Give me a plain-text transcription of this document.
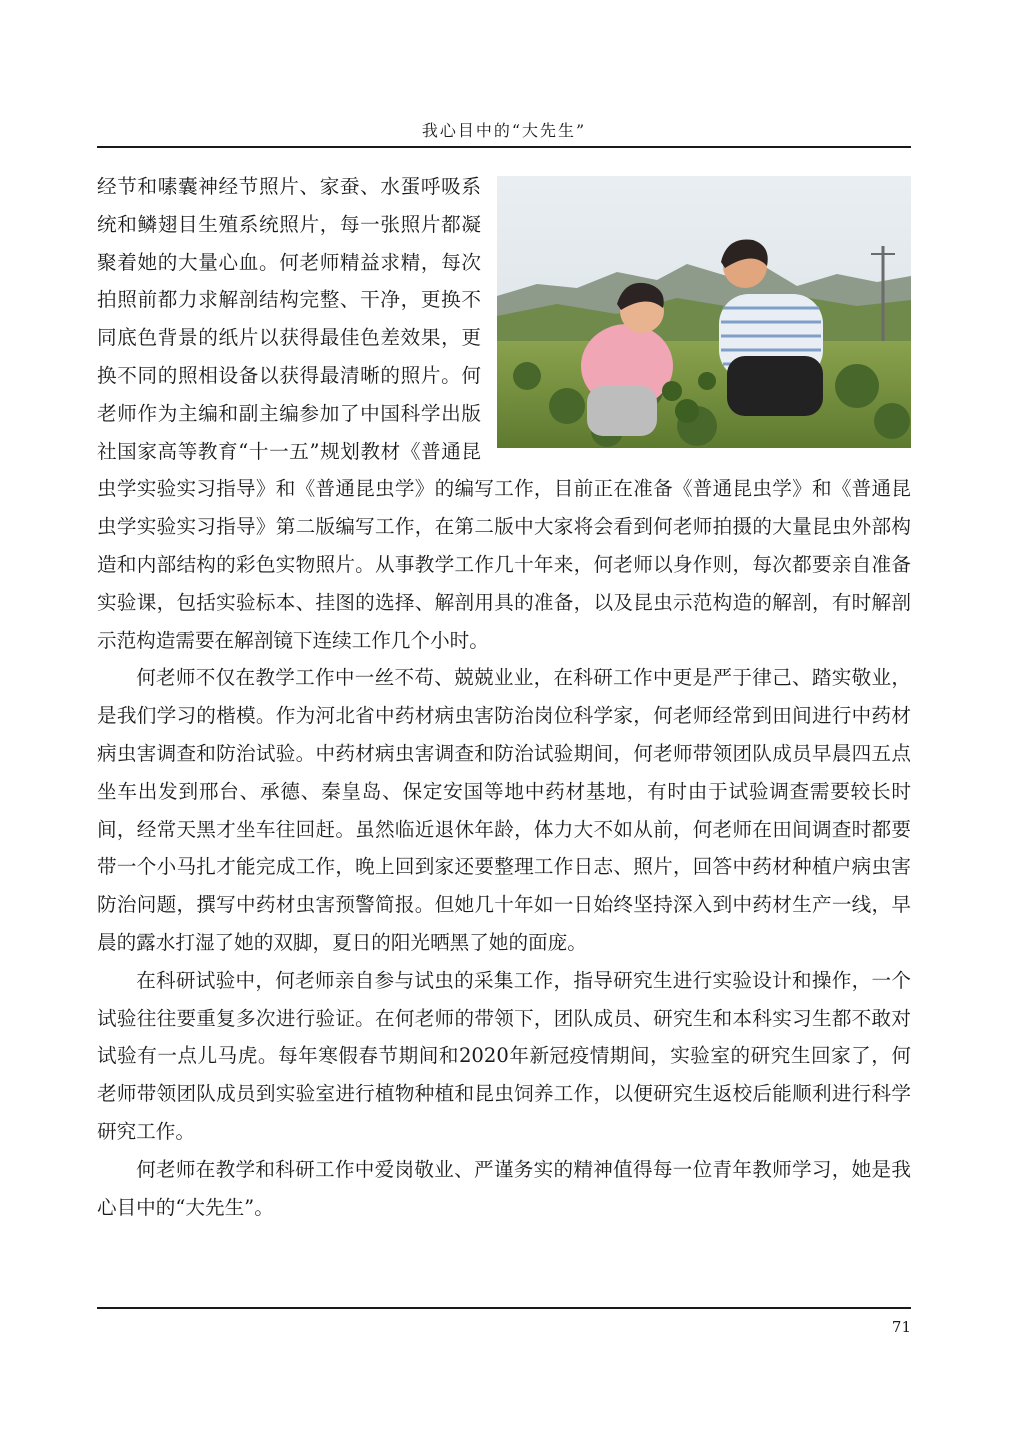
我心目中的“大先生”

经节和嗉囊神经节照片、家蚕、水蛋呼吸系统和鳞翅目生殖系统照片，每一张照片都凝聚着她的大量心血。何老师精益求精，每次拍照前都力求解剖结构完整、干净，更换不同底色背景的纸片以获得最佳色差效果，更换不同的照相设备以获得最清晰的照片。何老师作为主编和副主编参加了中国科学出版社国家高等教育“十一五”规划教材《普通昆虫学实验实习指导》和《普通昆虫学》的编写工作，目前正在准备《普通昆虫学》和《普通昆虫学实验实习指导》第二版编写工作，在第二版中大家将会看到何老师拍摄的大量昆虫外部构造和内部结构的彩色实物照片。从事教学工作几十年来，何老师以身作则，每次都要亲自准备实验课，包括实验标本、挂图的选择、解剖用具的准备，以及昆虫示范构造的解剖，有时解剖示范构造需要在解剖镜下连续工作几个小时。

何老师不仅在教学工作中一丝不苟、兢兢业业，在科研工作中更是严于律己、踏实敬业，是我们学习的楷模。作为河北省中药材病虫害防治岗位科学家，何老师经常到田间进行中药材病虫害调查和防治试验。中药材病虫害调查和防治试验期间，何老师带领团队成员早晨四五点坐车出发到邢台、承德、秦皇岛、保定安国等地中药材基地，有时由于试验调查需要较长时间，经常天黑才坐车往回赶。虽然临近退休年龄，体力大不如从前，何老师在田间调查时都要带一个小马扎才能完成工作，晚上回到家还要整理工作日志、照片，回答中药材种植户病虫害防治问题，撰写中药材虫害预警简报。但她几十年如一日始终坚持深入到中药材生产一线，早晨的露水打湿了她的双脚，夏日的阳光晒黑了她的面庞。

在科研试验中，何老师亲自参与试虫的采集工作，指导研究生进行实验设计和操作，一个试验往往要重复多次进行验证。在何老师的带领下，团队成员、研究生和本科实习生都不敢对试验有一点儿马虎。每年寒假春节期间和2020年新冠疫情期间，实验室的研究生回家了，何老师带领团队成员到实验室进行植物种植和昆虫饲养工作，以便研究生返校后能顺利进行科学研究工作。

何老师在教学和科研工作中爱岗敬业、严谨务实的精神值得每一位青年教师学习，她是我心目中的“大先生”。

71
